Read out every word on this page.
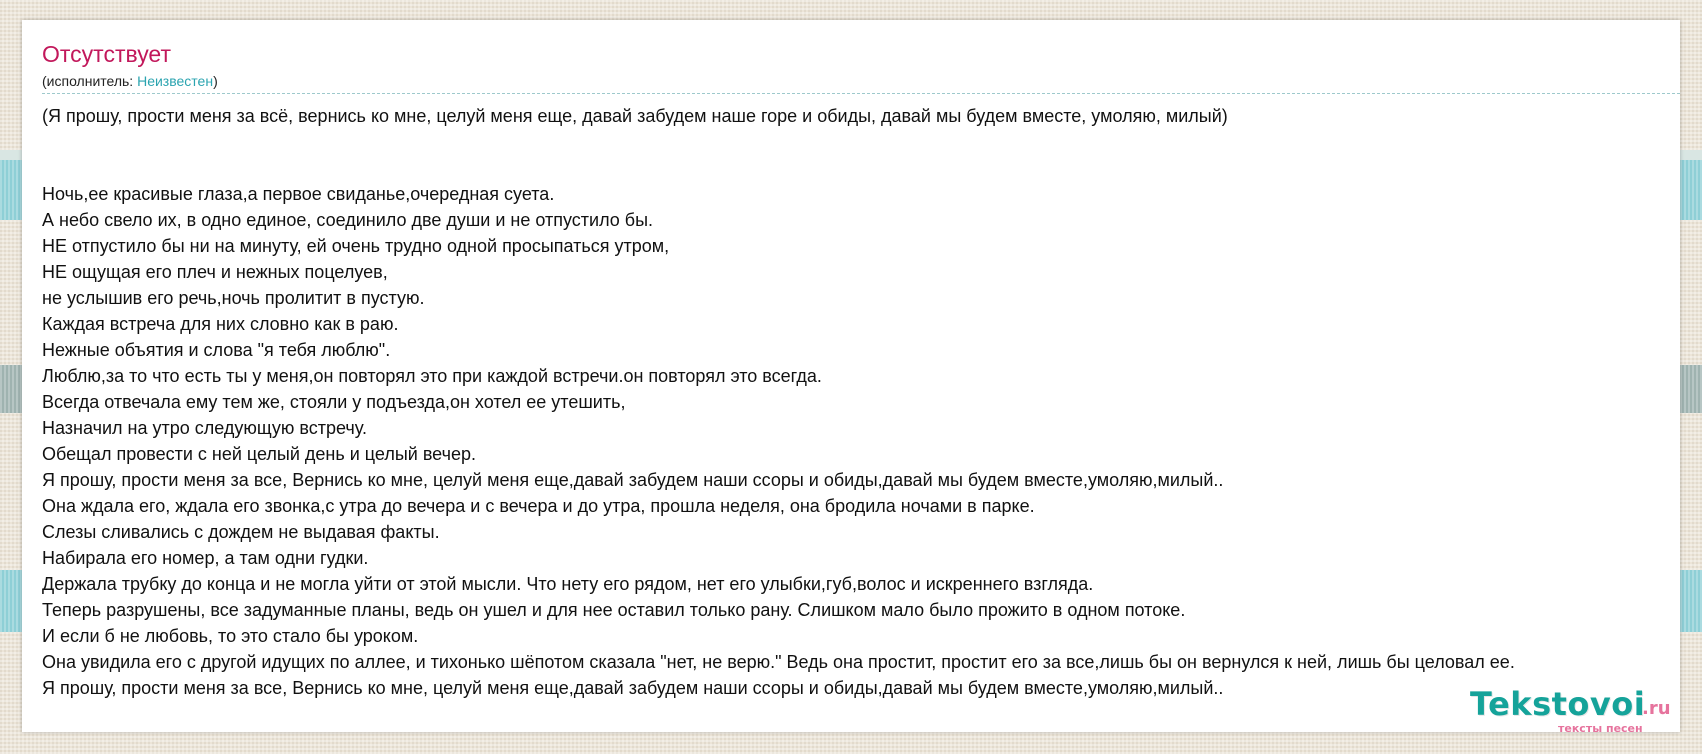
Отсутствует
(исполнитель: Неизвестен)
(Я прошу, прости меня за всё, вернись ко мне, целуй меня еще, давай забудем наше горе и обиды, давай мы будем вместе, умоляю, милый)
Ночь,ее красивые глаза,а первое свиданье,очередная суета.
А небо свело их, в одно единое, соединило две души и не отпустило бы.
НЕ отпустило бы ни на минуту, ей очень трудно одной просыпаться утром,
НЕ ощущая его плеч и нежных поцелуев,
не услышив его речь,ночь пролитит в пустую.
Каждая встреча для них словно как в раю.
Нежные объятия и слова "я тебя люблю".
Люблю,за то что есть ты у меня,он повторял это при каждой встречи.он повторял это всегда.
Всегда отвечала ему тем же, стояли у подъезда,он хотел ее утешить,
Назначил на утро следующую встречу.
Обещал провести с ней целый день и целый вечер.
Я прошу, прости меня за все, Вернись ко мне, целуй меня еще,давай забудем наши ссоры и обиды,давай мы будем вместе,умоляю,милый..
Она ждала его, ждала его звонка,с утра до вечера и с вечера и до утра, прошла неделя, она бродила ночами в парке.
Слезы сливались с дождем не выдавая факты.
Набирала его номер, а там одни гудки.
Держала трубку до конца и не могла уйти от этой мысли. Что нету его рядом, нет его улыбки,губ,волос и искреннего взгляда.
Теперь разрушены, все задуманные планы, ведь он ушел и для нее оставил только рану. Слишком мало было прожито в одном потоке.
И если б не любовь, то это стало бы уроком.
Она увидила его с другой идущих по аллее, и тихонько шёпотом сказала "нет, не верю." Ведь она простит, простит его за все,лишь бы он вернулся к ней, лишь бы целовал ее.
Я прошу, прости меня за все, Вернись ко мне, целуй меня еще,давай забудем наши ссоры и обиды,давай мы будем вместе,умоляю,милый..	Tekstovoi
.ru
тексты песен
